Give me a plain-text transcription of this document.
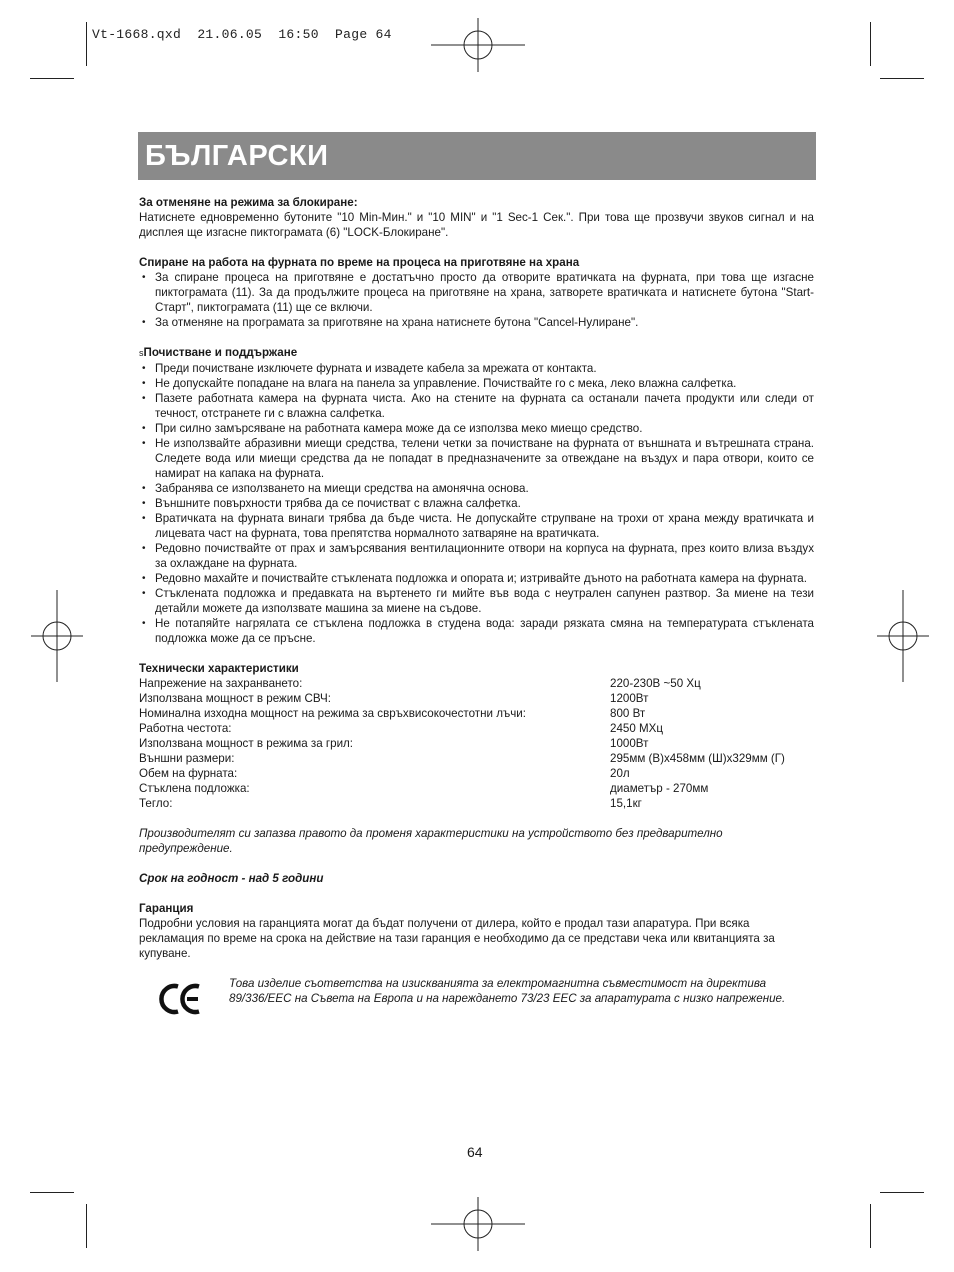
Vt-1668.qxd  21.06.05  16:50  Page 64
БЪЛГАРСКИ

За отменяне на режима за блокиране:

Натиснете едновременно бутоните "10 Min-Мин." и "10 MIN" и "1 Sec-1 Сек.". При това ще прозвучи звуков сигнал и на дисплея ще изгасне пиктограмата (6) "LOCK-Блокиране".

Спиране на работа на фурната по време на процеса на приготвяне на храна

• За спиране процеса на приготвяне е достатъчно просто да отворите вратичката на фурната, при това ще изгасне пиктограмата (11). За да продължите процеса на приготвяне на храна, затворете вратичката и натиснете бутона "Start-Старт", пиктограмата (11) ще се включи.
• За отменяне на програмата за приготвяне на храна натиснете бутона "Cancel-Нулиране".

sПочистване и поддържане

• Преди почистване изключете фурната и извадете кабела за мрежата от контакта.
• Не допускайте попадане на влага на панела за управление. Почиствайте го с мека, леко влажна салфетка.
• Пазете работната камера на фурната чиста. Ако на стените на фурната са останали пачета продукти или следи от течност, отстранете ги с влажна салфетка.
• При силно замърсяване на работната камера може да се използва меко миещо средство.
• Не използвайте абразивни миещи средства, телени четки за почистване на фурната от външната и вътрешната страна. Следете вода или миещи средства да не попадат в предназначените за отвеждане на въздух и пара отвори, които се намират на капака на фурната.
• Забранява се използването на миещи средства на амонячна основа.
• Външните повърхности трябва да се почистват с влажна салфетка.
• Вратичката на фурната винаги трябва да бъде чиста. Не допускайте струпване на трохи от храна между вратичката и лицевата част на фурната, това препятства нормалното затваряне на вратичката.
• Редовно почиствайте от прах и замърсявания вентилационните отвори на корпуса на фурната, през които влиза въздух за охлаждане на фурната.
• Редовно махайте и почиствайте стъклената подложка и опората и; изтривайте дъното на работната камера на фурната.
• Стъклената подложка и предавката на въртенето ги мийте във вода с неутрален сапунен разтвор. За миене на тези детайли можете да използвате машина за миене на съдове.
• Не потапяйте нагрялата се стъклена подложка в студена вода: заради рязката смяна на температурата стъклената подложка може да се пръсне.

Технически характеристики

Напрежение на захранването:	220-230В ~50 Хц
Използвана мощност в режим СВЧ:	1200Вт
Номинална изходна мощност на режима за свръхвисокочестотни лъчи:	800 Вт
Работна честота:	2450 МХц
Използвана мощност в режима за грил:	1000Вт
Външни размери:	295мм (В)x458мм (Ш)x329мм (Г)
Обем на фурната:	20л
Стъклена подложка:	диаметър - 270мм
Тегло:	15,1кг

Производителят си запазва правото да променя характеристики на устройството без предварително предупреждение.

Срок на годност - над 5 години

Гаранция

Подробни условия на гаранцията могат да бъдат получени от дилера, който е продал тази апаратура. При всяка рекламация по време на срока на действие на тази гаранция е необходимо да се представи чека или квитанцията за купуване.

Това изделие съответства на изискванията за електромагнитна съвместимост на директива 89/336/EEC на Съвета на Европа и на нареждането 73/23 EEC за апаратурата с низко напрежение.

64
